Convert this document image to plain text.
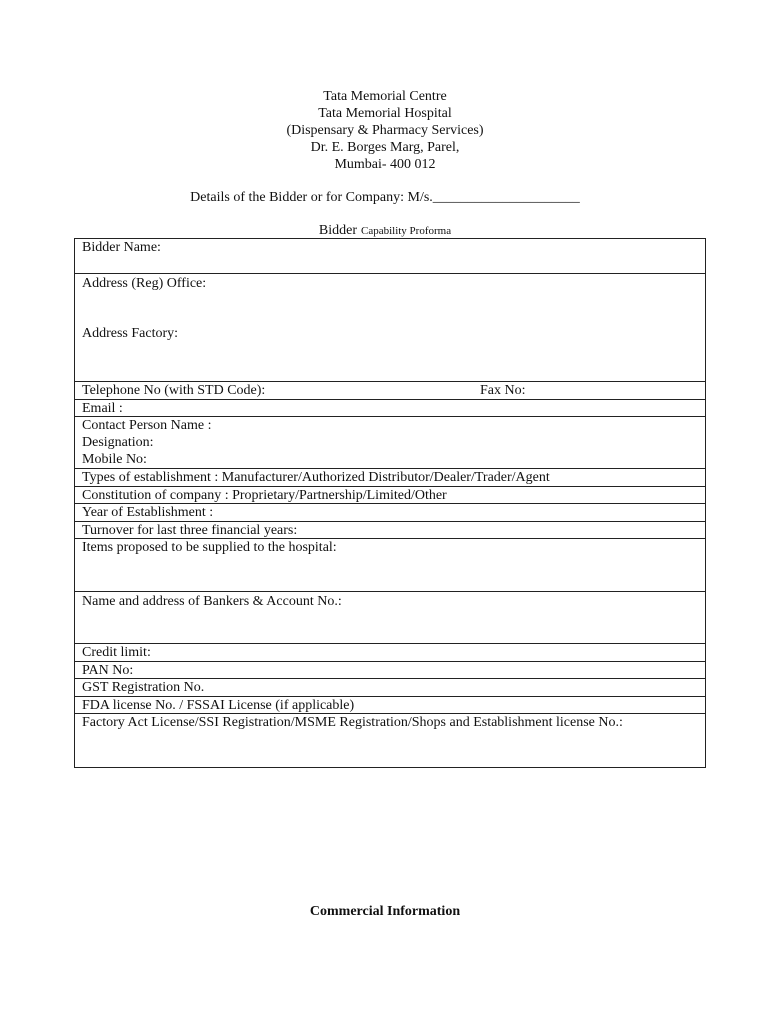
Tata Memorial Centre
Tata Memorial Hospital
(Dispensary & Pharmacy Services)
Dr. E. Borges Marg, Parel,
Mumbai- 400 012
Details of the Bidder or for Company: M/s._____________________
Bidder Capability Proforma
Bidder Name:
Address (Reg) Office:
Address Factory:
Telephone No (with STD Code):	Fax No:
Email :
Contact Person Name :
Designation:
Mobile No:
Types of establishment : Manufacturer/Authorized Distributor/Dealer/Trader/Agent
Constitution of company : Proprietary/Partnership/Limited/Other
Year of Establishment :
Turnover for last three financial years:
Items proposed to be supplied to the hospital:
Name and address of Bankers & Account No.:
Credit limit:
PAN No:
GST Registration No.
FDA license No. / FSSAI License (if applicable)
Factory Act License/SSI Registration/MSME Registration/Shops and Establishment license No.:
Commercial Information
